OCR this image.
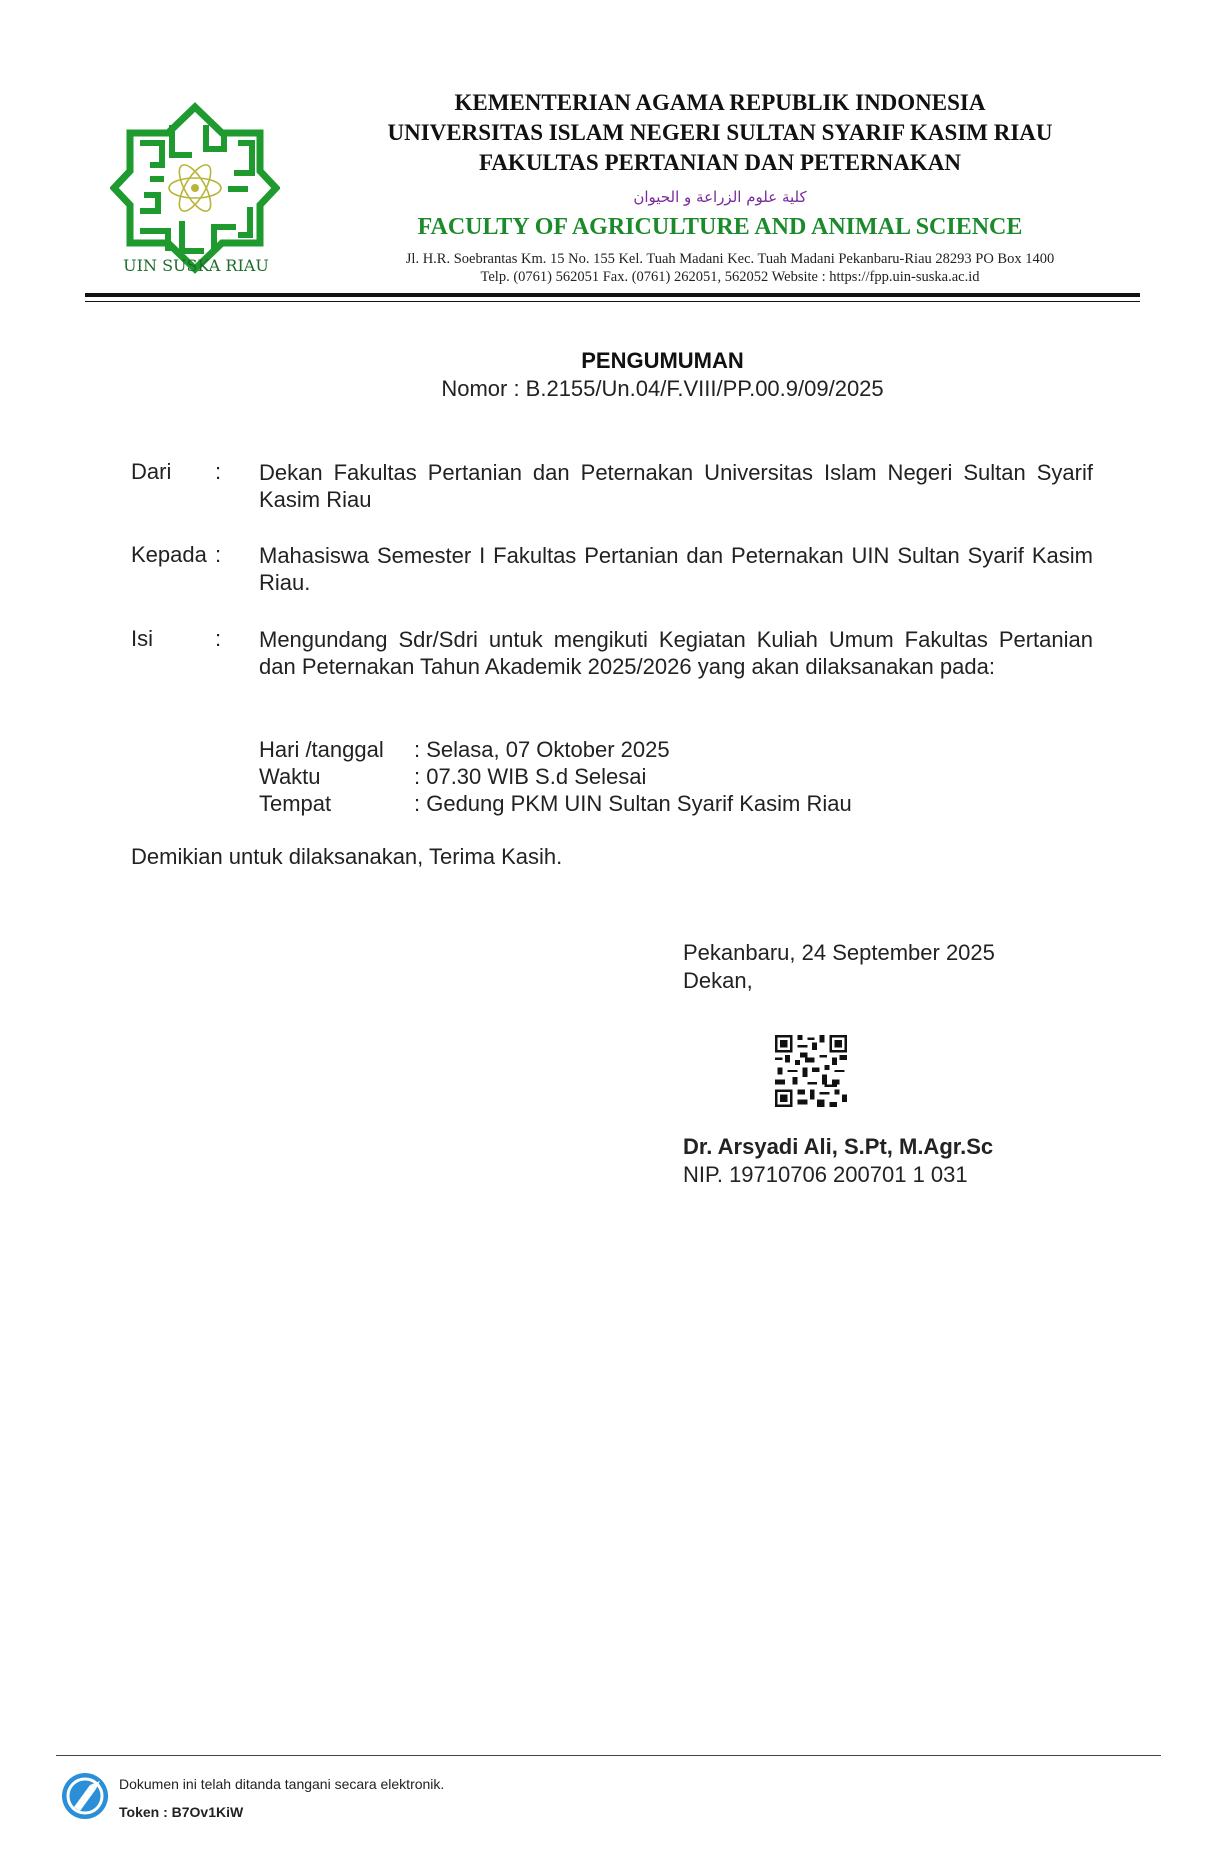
UIN SUSKA RIAU
KEMENTERIAN AGAMA REPUBLIK INDONESIA
UNIVERSITAS ISLAM NEGERI SULTAN SYARIF KASIM RIAU
FAKULTAS PERTANIAN DAN PETERNAKAN
كلية علوم الزراعة و الحيوان
FACULTY OF AGRICULTURE AND ANIMAL SCIENCE
Jl. H.R. Soebrantas Km. 15 No. 155 Kel. Tuah Madani Kec. Tuah Madani Pekanbaru-Riau 28293 PO Box 1400
Telp. (0761) 562051 Fax. (0761) 262051, 562052 Website : https://fpp.uin-suska.ac.id
PENGUMUMAN
Nomor : B.2155/Un.04/F.VIII/PP.00.9/09/2025
Dari : Dekan Fakultas Pertanian dan Peternakan Universitas Islam Negeri Sultan Syarif Kasim Riau
Kepada : Mahasiswa Semester I Fakultas Pertanian dan Peternakan UIN Sultan Syarif Kasim Riau.
Isi	: Mengundang Sdr/Sdri untuk mengikuti Kegiatan Kuliah Umum Fakultas Pertanian dan Peternakan Tahun Akademik 2025/2026 yang akan dilaksanakan pada:
Hari /tanggal : Selasa, 07 Oktober 2025
Waktu	: 07.30 WIB S.d Selesai
Tempat	: Gedung PKM UIN Sultan Syarif Kasim Riau
Demikian untuk dilaksanakan, Terima Kasih.
Pekanbaru, 24 September 2025
Dekan,
Dr. Arsyadi Ali, S.Pt, M.Agr.Sc
NIP. 19710706 200701 1 031
Dokumen ini telah ditanda tangani secara elektronik.
Token : B7Ov1KiW
